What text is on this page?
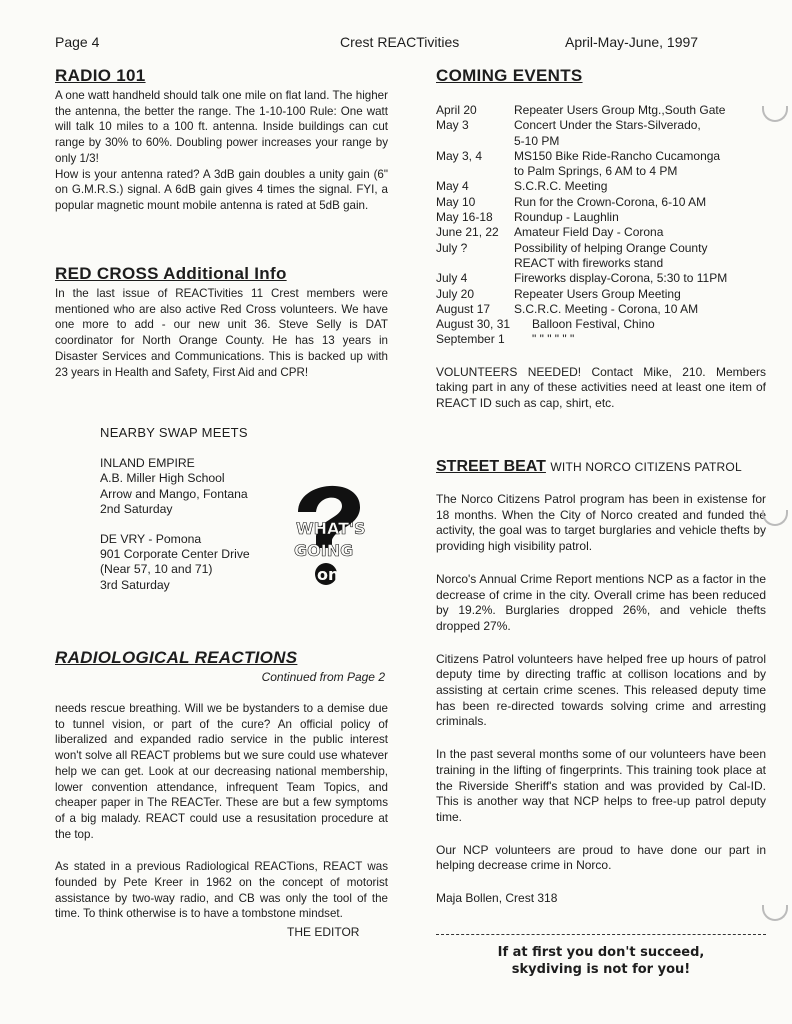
Page 4	Crest REACTivities	April-May-June, 1997
RADIO 101

A one watt handheld should talk one mile on flat land. The higher the antenna, the better the range. The 1-10-100 Rule: One watt will talk 10 miles to a 100 ft. antenna. Inside buildings can cut range by 30% to 60%. Doubling power increases your range by only 1/3!

How is your antenna rated? A 3dB gain doubles a unity gain (6" on G.M.R.S.) signal. A 6dB gain gives 4 times the signal. FYI, a popular magnetic mount mobile antenna is rated at 5dB gain.

RED CROSS Additional Info

In the last issue of REACTivities 11 Crest members were mentioned who are also active Red Cross volunteers. We have one more to add - our new unit 36. Steve Selly is DAT coordinator for North Orange County. He has 13 years in Disaster Services and Communications. This is backed up with 23 years in Health and Safety, First Aid and CPR!

NEARBY SWAP MEETS

INLAND EMPIRE

A.B. Miller High School

Arrow and Mango, Fontana

2nd Saturday

DE VRY - Pomona

901 Corporate Center Drive

(Near 57, 10 and 71)

3rd Saturday

WHAT'S
GOING
on
RADIOLOGICAL REACTIONS
Continued from Page 2

needs rescue breathing. Will we be bystanders to a demise due to tunnel vision, or part of the cure? An official policy of liberalized and expanded radio service in the public interest won't solve all REACT problems but we sure could use whatever help we can get. Look at our decreasing national membership, lower convention attendance, infrequent Team Topics, and cheaper paper in The REACTer. These are but a few symptoms of a big malady. REACT could use a resusitation procedure at the top.

As stated in a previous Radiological REACTions, REACT was founded by Pete Kreer in 1962 on the concept of motorist assistance by two-way radio, and CB was only the tool of the time. To think otherwise is to have a tombstone mindset.

THE EDITOR
COMING EVENTS
April 20	Repeater Users Group Mtg.,South Gate
May 3	Concert Under the Stars-Silverado,
5-10 PM
May 3, 4	MS150 Bike Ride-Rancho Cucamonga
to Palm Springs, 6 AM to 4 PM
May 4	S.C.R.C. Meeting
May 10	Run for the Crown-Corona, 6-10 AM
May 16-18	Roundup - Laughlin
June 21, 22	Amateur Field Day - Corona
July ?	Possibility of helping Orange County
REACT with fireworks stand
July 4	Fireworks display-Corona, 5:30 to 11PM
July 20	Repeater Users Group Meeting
August 17	S.C.R.C. Meeting - Corona, 10 AM
August 30, 31	Balloon Festival, Chino
September 1	" " " " " "

VOLUNTEERS NEEDED! Contact Mike, 210. Members taking part in any of these activities need at least one item of REACT ID such as cap, shirt, etc.

STREET BEAT WITH NORCO CITIZENS PATROL

The Norco Citizens Patrol program has been in existense for 18 months. When the City of Norco created and funded the activity, the goal was to target burglaries and vehicle thefts by providing high visibility patrol.

Norco's Annual Crime Report mentions NCP as a factor in the decrease of crime in the city. Overall crime has been reduced by 19.2%. Burglaries dropped 26%, and vehicle thefts dropped 27%.

Citizens Patrol volunteers have helped free up hours of patrol deputy time by directing traffic at collison locations and by assisting at certain crime scenes. This released deputy time has been re-directed towards solving crime and arresting criminals.

In the past several months some of our volunteers have been training in the lifting of fingerprints. This training took place at the Riverside Sheriff's station and was provided by Cal-ID. This is another way that NCP helps to free-up patrol deputy time.

Our NCP volunteers are proud to have done our part in helping decrease crime in Norco.

Maja Bollen, Crest 318

If at first you don't succeed,
skydiving is not for you!
